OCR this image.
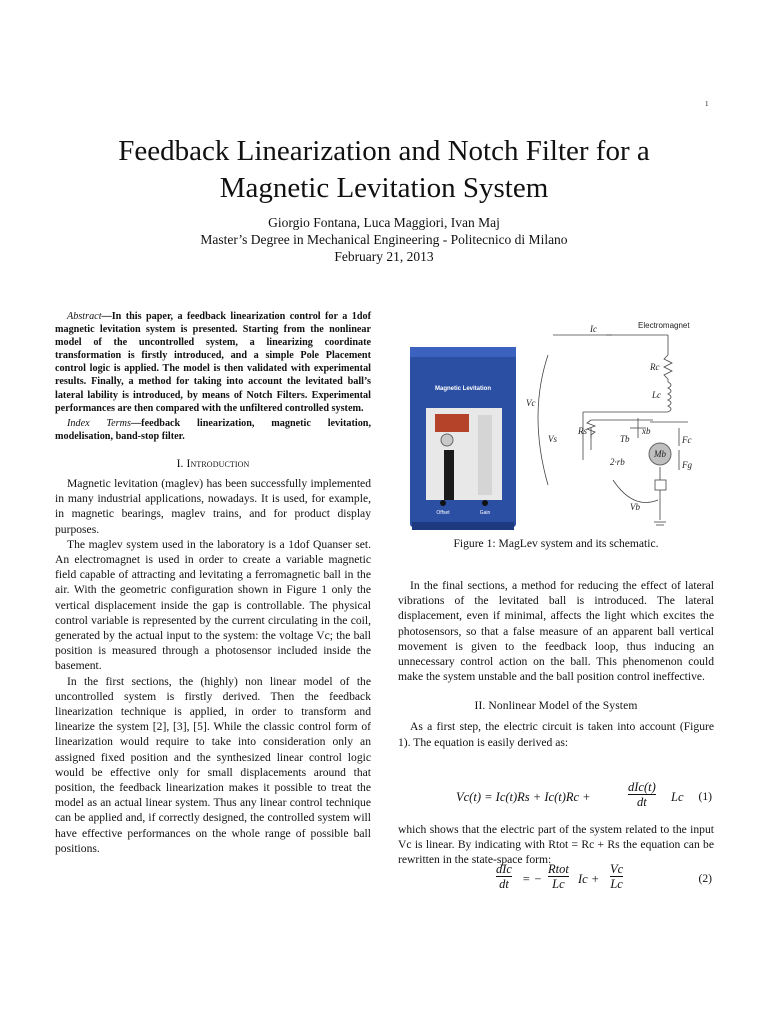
1
Feedback Linearization and Notch Filter for a
Magnetic Levitation System
Giorgio Fontana, Luca Maggiori, Ivan Maj
Master’s Degree in Mechanical Engineering - Politecnico di Milano
February 21, 2013

Abstract—In this paper, a feedback linearization control for a 1dof magnetic levitation system is presented. Starting from the nonlinear model of the uncontrolled system, a linearizing coordinate transformation is firstly introduced, and a simple Pole Placement control logic is applied. The model is then validated with experimental results. Finally, a method for taking into account the levitated ball’s lateral lability is introduced, by means of Notch Filters. Experimental performances are then compared with the unfiltered controlled system.

Index Terms—feedback linearization, magnetic levitation, modelisation, band-stop filter.

I. Introduction

Magnetic levitation (maglev) has been successfully implemented in many industrial applications, nowadays. It is used, for example, in magnetic bearings, maglev trains, and for product display purposes.

The maglev system used in the laboratory is a 1dof Quanser set. An electromagnet is used in order to create a variable magnetic field capable of attracting and levitating a ferromagnetic ball in the air. With the geometric configuration shown in Figure 1 only the vertical displacement inside the gap is controllable. The physical control variable is represented by the current circulating in the coil, generated by the actual input to the system: the voltage Vc; the ball position is measured through a photosensor included inside the basement.

In the first sections, the (highly) non linear model of the uncontrolled system is firstly derived. Then the feedback linearization technique is applied, in order to transform and linearize the system [2], [3], [5]. While the classic control form of linearization would require to take into consideration only an assigned fixed position and the synthesized linear control logic would be effective only for small displacements around that position, the feedback linearization makes it possible to treat the model as an actual linear system. Thus any linear control technique can be applied and, if correctly designed, the controlled system will have effective performances on the whole range of possible ball positions.

Magnetic Levitation
Offset	Gain
Electromagnet
Ic
Rc
Lc
Vc
Rs
Vs	Tb
xb
Fc
Fg
Mb
2·rb
Vb
Figure 1: MagLev system and its schematic.

In the final sections, a method for reducing the effect of lateral vibrations of the levitated ball is introduced. The lateral displacement, even if minimal, affects the light which excites the photosensors, so that a false measure of an apparent ball vertical movement is given to the feedback loop, thus inducing an unnecessary control action on the ball. This phenomenon could make the system unstable and the ball position control ineffective.

II. Nonlinear Model of the System

As a first step, the electric circuit is taken into account (Figure 1). The equation is easily derived as:

Vc(t) = Ic(t)Rs + Ic(t)Rc +
dIc(t)
dt	Lc (1)

which shows that the electric part of the system related to the input Vc is linear. By indicating with Rtot = Rc + Rs the equation can be rewritten in the state-space form:

dIc
dt = −
Rtot
Lc	$Ic + \frac{Vc}{Lc}$	(2)
